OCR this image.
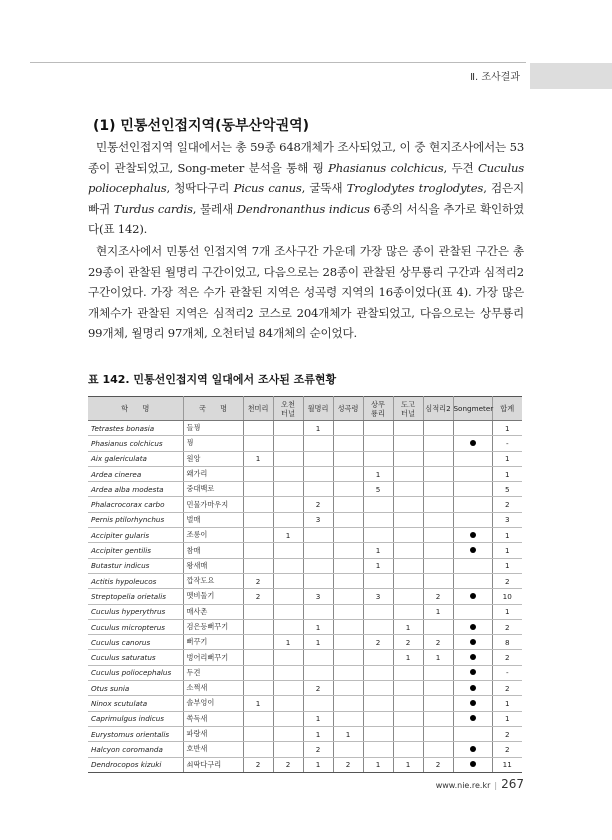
Ⅱ. 조사결과
(1) 민통선인접지역(동부산악권역)
민통선인접지역 일대에서는 총 59종 648개체가 조사되었고, 이 중 현지조사에서는 53종이 관찰되었고, Song-meter 분석을 통해 꿩 Phasianus colchicus, 두견 Cuculus poliocephalus, 청딱다구리 Picus canus, 굴뚝새 Troglodytes troglodytes, 검은지빠귀 Turdus cardis, 물레새 Dendronanthus indicus 6종의 서식을 추가로 확인하였다(표 142).
현지조사에서 민통선 인접지역 7개 조사구간 가운데 가장 많은 종이 관찰된 구간은 총 29종이 관찰된 월명리 구간이었고, 다음으로는 28종이 관찰된 상무룡리 구간과 심적리2 구간이었다. 가장 적은 수가 관찰된 지역은 성곡령 지역의 16종이었다(표 4). 가장 많은 개체수가 관찰된 지역은 심적리2 코스로 204개체가 관찰되었고, 다음으로는 상무룡리 99개체, 월명리 97개체, 오천터널 84개체의 순이었다.
표 142. 민통선인접지역 일대에서 조사된 조류현황
학　　명	국　　명	천미리	오천
터널	월명리	성곡령	상무
룡리	도고
터널	심적리2	Songmeter	합계
Tetrastes bonasia	들꿩			1						1
Phasianus colchicus	꿩									-
Aix galericulata	원앙	1								1
Ardea cinerea	왜가리					1				1
Ardea alba modesta	중대백로					5				5
Phalacrocorax carbo	민물가마우지			2						2
Pernis ptilorhynchus	벌매			3						3
Accipiter gularis	조롱이		1							1
Accipiter gentilis	참매					1				1
Butastur indicus	왕새매					1				1
Actitis hypoleucos	깝작도요	2								2
Streptopelia orietalis	멧비둘기	2		3		3		2		10
Cuculus hyperythrus	매사촌							1		1
Cuculus micropterus	검은등뻐꾸기			1			1			2
Cuculus canorus	뻐꾸기		1	1		2	2	2		8
Cuculus saturatus	벙어리뻐꾸기						1	1		2
Cuculus poliocephalus	두견									-
Otus sunia	소쩍새			2						2
Ninox scutulata	솔부엉이	1								1
Caprimulgus indicus	쏙독새			1						1
Eurystomus orientalis	파랑새			1	1					2
Halcyon coromanda	호반새			2						2
Dendrocopos kizuki	쇠딱다구리	2	2	1	2	1	1	2		11
www.nie.re.kr | 267
